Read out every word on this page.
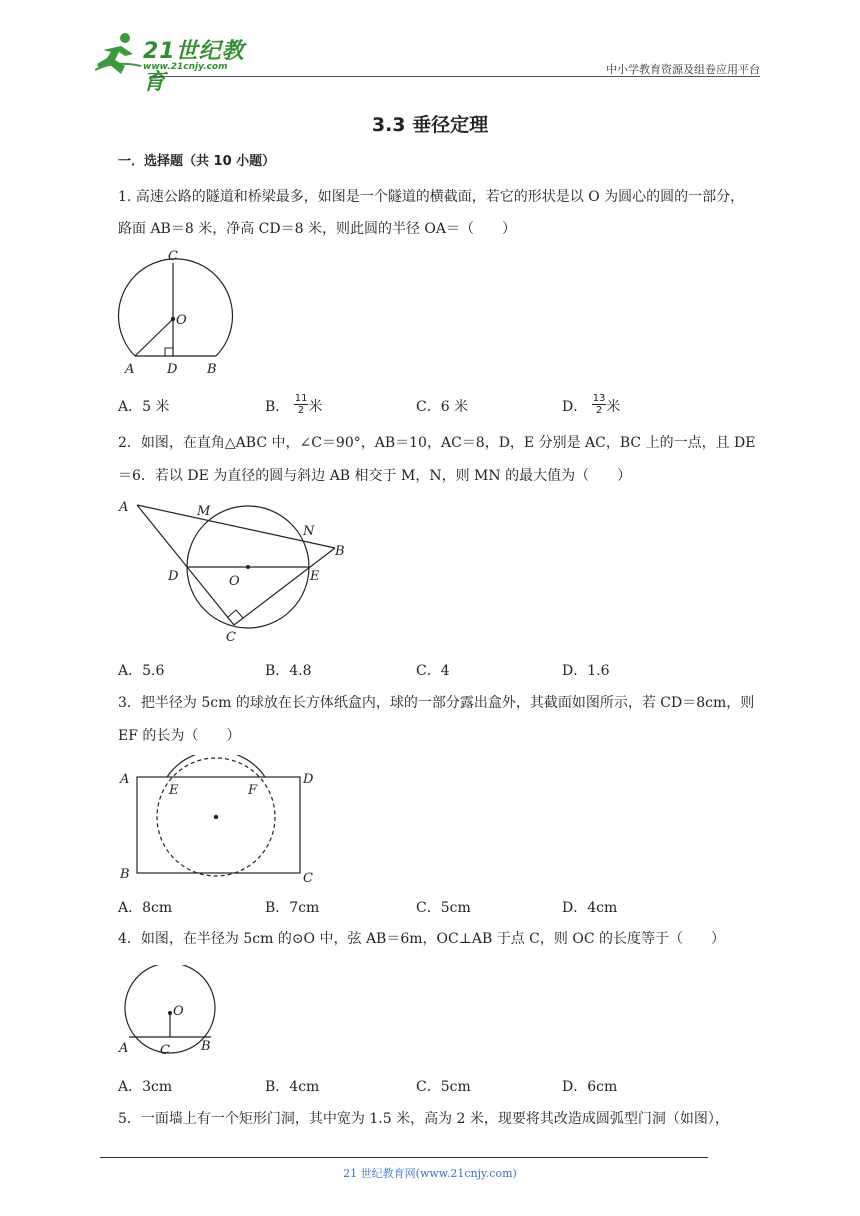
21世纪教育
www.21cnjy.com	中小学教育资源及组卷应用平台
3.3 垂径定理
一．选择题（共 10 小题）
1. 高速公路的隧道和桥梁最多，如图是一个隧道的横截面，若它的形状是以 O 为圆心的圆的一部分，
路面 AB＝8 米，净高 CD＝8 米，则此圆的半径 OA＝（　　）
C
O
A	D B
A．5 米	B． $\frac{11}{2}$ 米	C．6 米	D． $\frac{13}{2}$ 米
2．如图，在直角△ABC 中，∠C＝90°，AB＝10，AC＝8，D，E 分别是 AC，BC 上的一点，且 DE
＝6．若以 DE 为直径的圆与斜边 AB 相交于 M，N，则 MN 的最大值为（　　）
A	M
N
B
D	O	E
C
A．5.6	B．4.8	C．4	D．1.6
3．把半径为 5cm 的球放在长方体纸盒内，球的一部分露出盒外，其截面如图所示，若 CD＝8cm，则
EF 的长为（　　）
A
E	F
D
B	C
A．8cm	B．7cm	C．5cm	D．4cm
4．如图，在半径为 5cm 的⊙O 中，弦 AB＝6m，OC⊥AB 于点 C，则 OC 的长度等于（　　）
O
A C B
A．3cm	B．4cm	C．5cm	D．6cm
5．一面墙上有一个矩形门洞，其中宽为 1.5 米，高为 2 米，现要将其改造成圆弧型门洞（如图），
21 世纪教育网(www.21cnjy.com)
